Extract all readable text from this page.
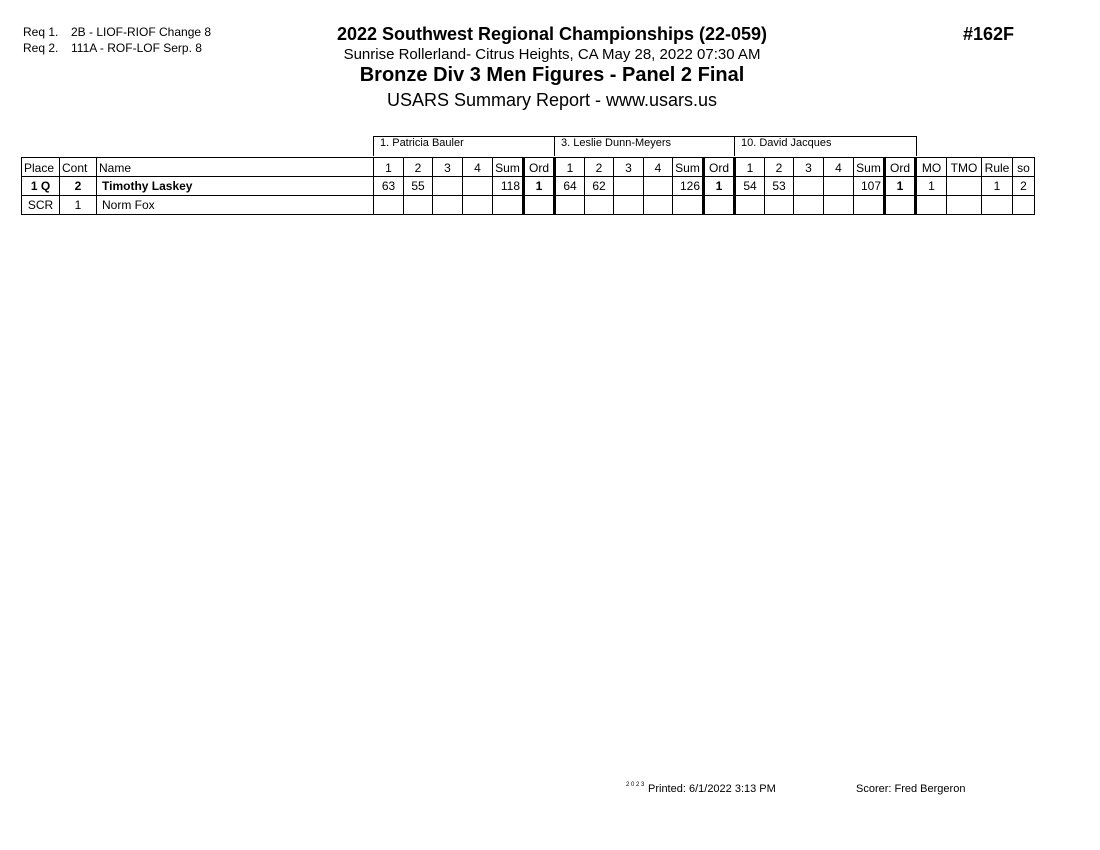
Req 1. 2B - LIOF-RIOF Change 8
Req 2. 111A - ROF-LOF Serp. 8
2022 Southwest Regional Championships (22-059)
Sunrise Rollerland- Citrus Heights, CA May 28, 2022 07:30 AM
Bronze Div 3 Men Figures - Panel 2 Final
USARS Summary Report - www.usars.us
#162F
1. Patricia Bauler	3. Leslie Dunn-Meyers	10. David Jacques
Place	Cont	Name	1	2	3	4	Sum	Ord	1	2	3	4	Sum	Ord	1	2	3	4	Sum	Ord	MO	TMO	Rule	so
1 Q	2	Timothy Laskey	63	55			118	1	64	62			126	1	54	53			107	1	1		1	2
SCR	1	Norm Fox																						
2 0 2 3 Printed: 6/1/2022 3:13 PM	Scorer: Fred Bergeron
